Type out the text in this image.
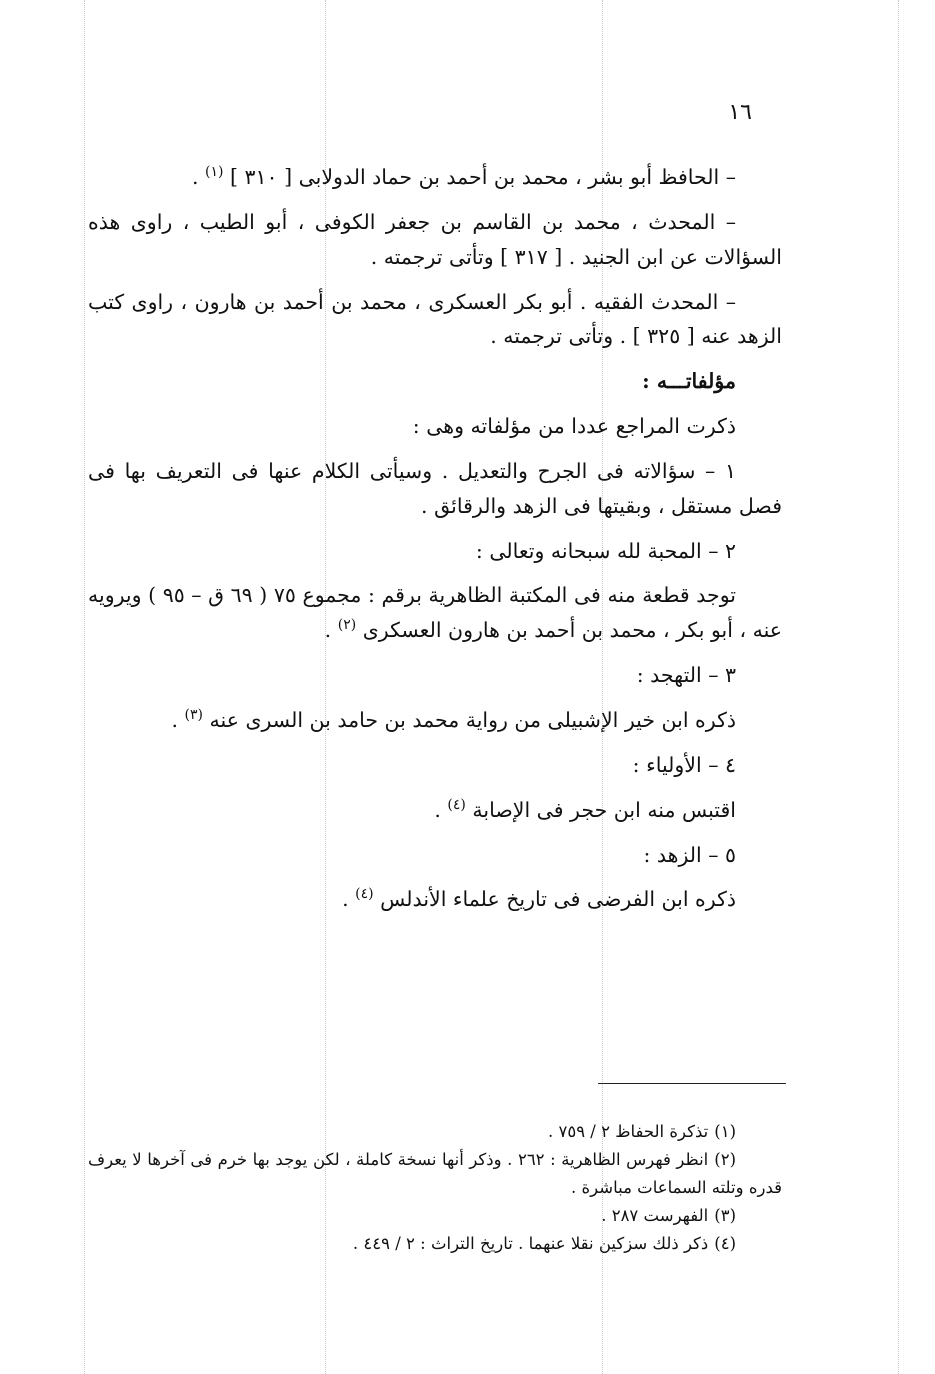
١٦

– الحافظ أبو بشر ، محمد بن أحمد بن حماد الدولابى [ ٣١٠ ] $^{(١)}$ .

– المحدث ، محمد بن القاسم بن جعفر الكوفى ، أبو الطيب ، راوى هذه السؤالات عن ابن الجنيد . [ ٣١٧ ] وتأتى ترجمته .

– المحدث الفقيه . أبو بكر العسكرى ، محمد بن أحمد بن هارون ، راوى كتب الزهد عنه [ ٣٢٥ ] . وتأتى ترجمته .

مؤلفاتـــه :

ذكرت المراجع عددا من مؤلفاته وهى :

١ – سؤالاته فى الجرح والتعديل . وسيأتى الكلام عنها فى التعريف بها فى فصل مستقل ، وبقيتها فى الزهد والرقائق .

٢ – المحبة لله سبحانه وتعالى :

توجد قطعة منه فى المكتبة الظاهرية برقم : مجموع ٧٥ ( ٦٩ ق – ٩٥ ) ويرويه عنه ، أبو بكر ، محمد بن أحمد بن هارون العسكرى $^{(٢)}$ .

٣ – التهجد :

ذكره ابن خير الإشبيلى من رواية محمد بن حامد بن السرى عنه $^{(٣)}$ .

٤ – الأولياء :

اقتبس منه ابن حجر فى الإصابة $^{(٤)}$ .

٥ – الزهد :

ذكره ابن الفرضى فى تاريخ علماء الأندلس $^{(٤)}$ .

(١)تذكرة الحفاظ ٢ / ٧٥٩ .

(٢)انظر فهرس الظاهرية : ٢٦٢ . وذكر أنها نسخة كاملة ، لكن يوجد بها خرم فى آخرها لا يعرف قدره وتلته السماعات مباشرة .

(٣)الفهرست ٢٨٧ .

(٤)ذكر ذلك سزكين نقلا عنهما . تاريخ التراث : ٢ / ٤٤٩ .
